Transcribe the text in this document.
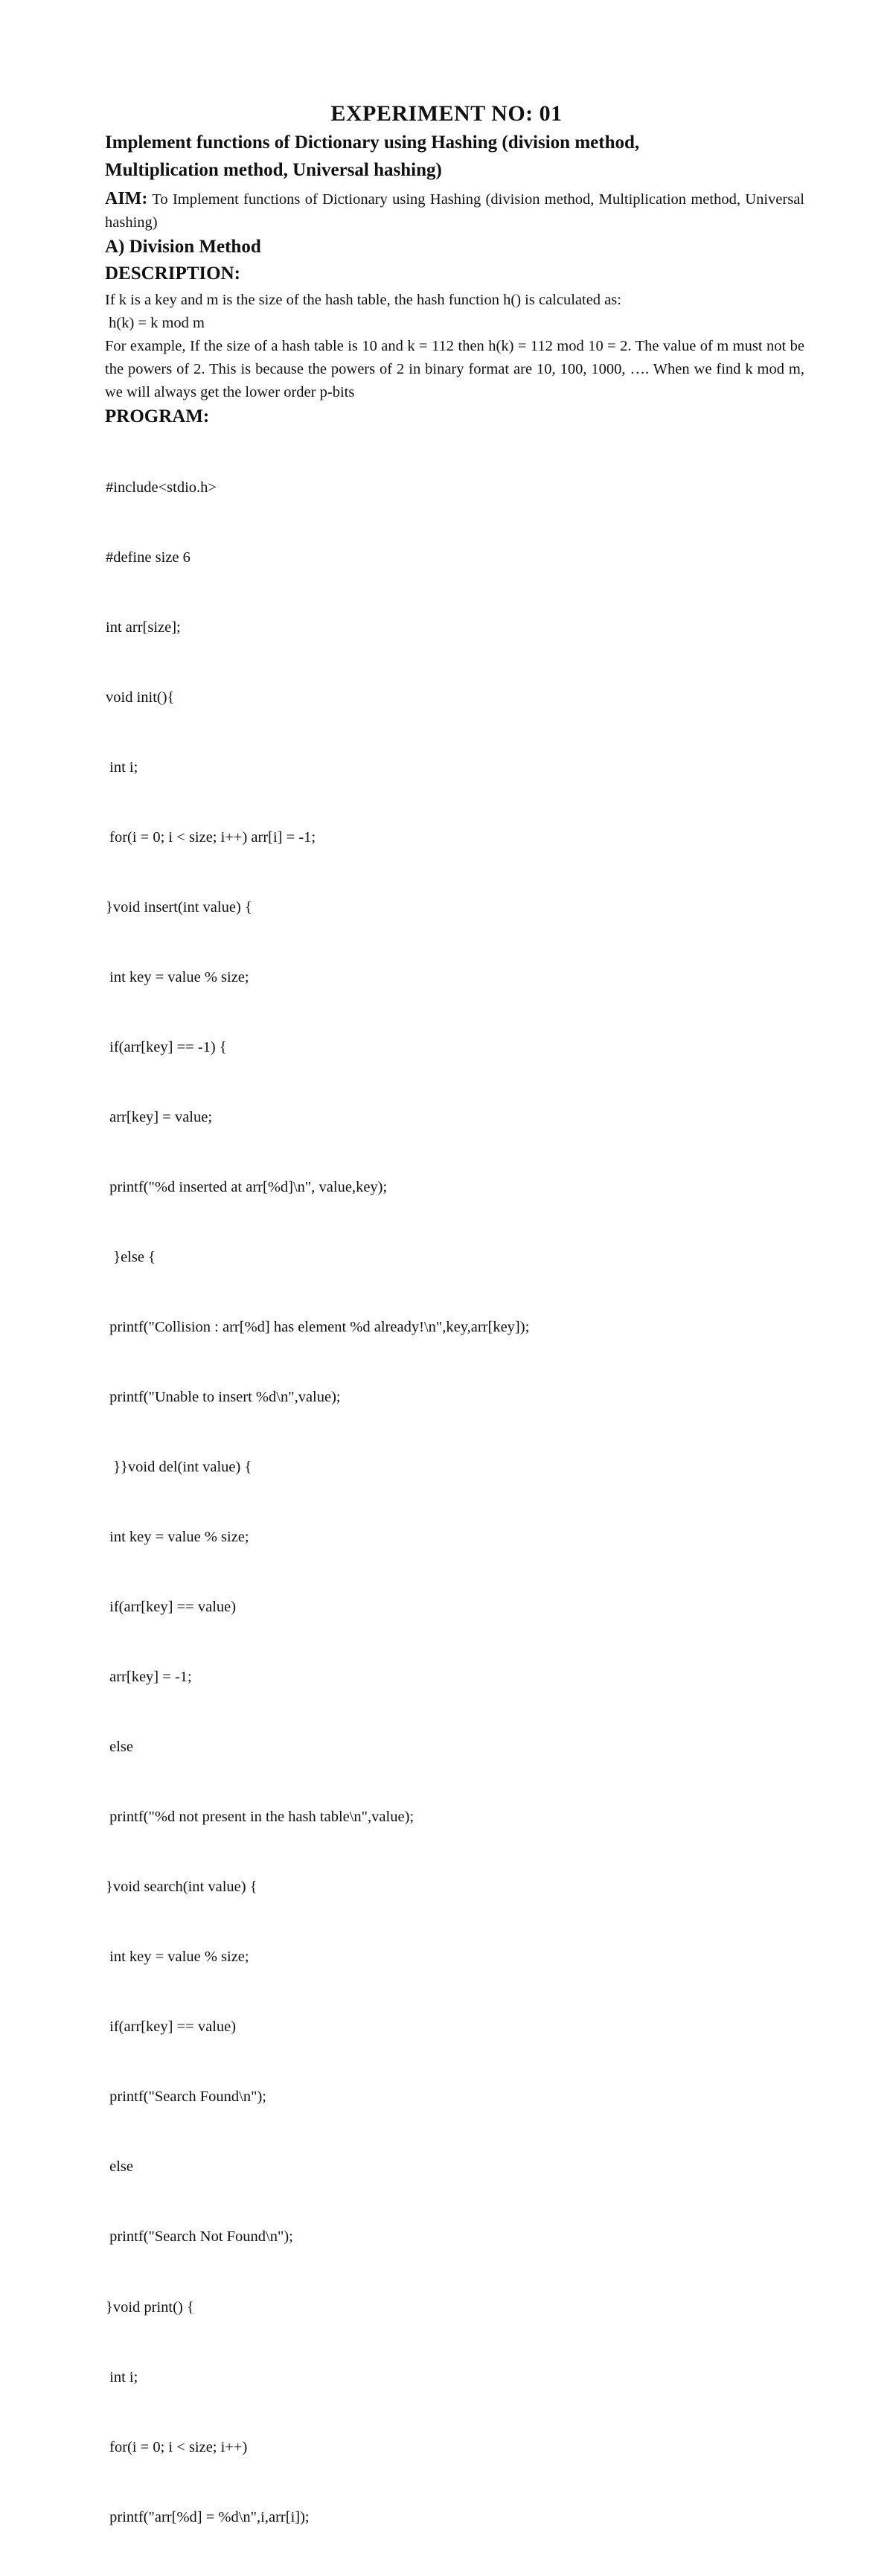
EXPERIMENT NO: 01
Implement functions of Dictionary using Hashing (division method,
Multiplication method, Universal hashing)
AIM: To Implement functions of Dictionary using Hashing (division method, Multiplication method, Universal hashing)
A) Division Method
DESCRIPTION:
If k is a key and m is the size of the hash table, the hash function h() is calculated as:
h(k) = k mod m
For example, If the size of a hash table is 10 and k = 112 then h(k) = 112 mod 10 = 2. The value of m must not be the powers of 2. This is because the powers of 2 in binary format are 10, 100, 1000, …. When we find k mod m, we will always get the lower order p-bits
PROGRAM:

#include<stdio.h>

#define size 6

int arr[size];

void init(){

int i;

for(i = 0; i < size; i++) arr[i] = -1;

}void insert(int value) {

int key = value % size;

if(arr[key] == -1) {

arr[key] = value;

printf("%d inserted at arr[%d]\n", value,key);

}else {

printf("Collision : arr[%d] has element %d already!\n",key,arr[key]);

printf("Unable to insert %d\n",value);

}}void del(int value) {

int key = value % size;

if(arr[key] == value)

arr[key] = -1;

else

printf("%d not present in the hash table\n",value);

}void search(int value) {

int key = value % size;

if(arr[key] == value)

printf("Search Found\n");

else

printf("Search Not Found\n");

}void print() {

int i;

for(i = 0; i < size; i++)

printf("arr[%d] = %d\n",i,arr[i]);
